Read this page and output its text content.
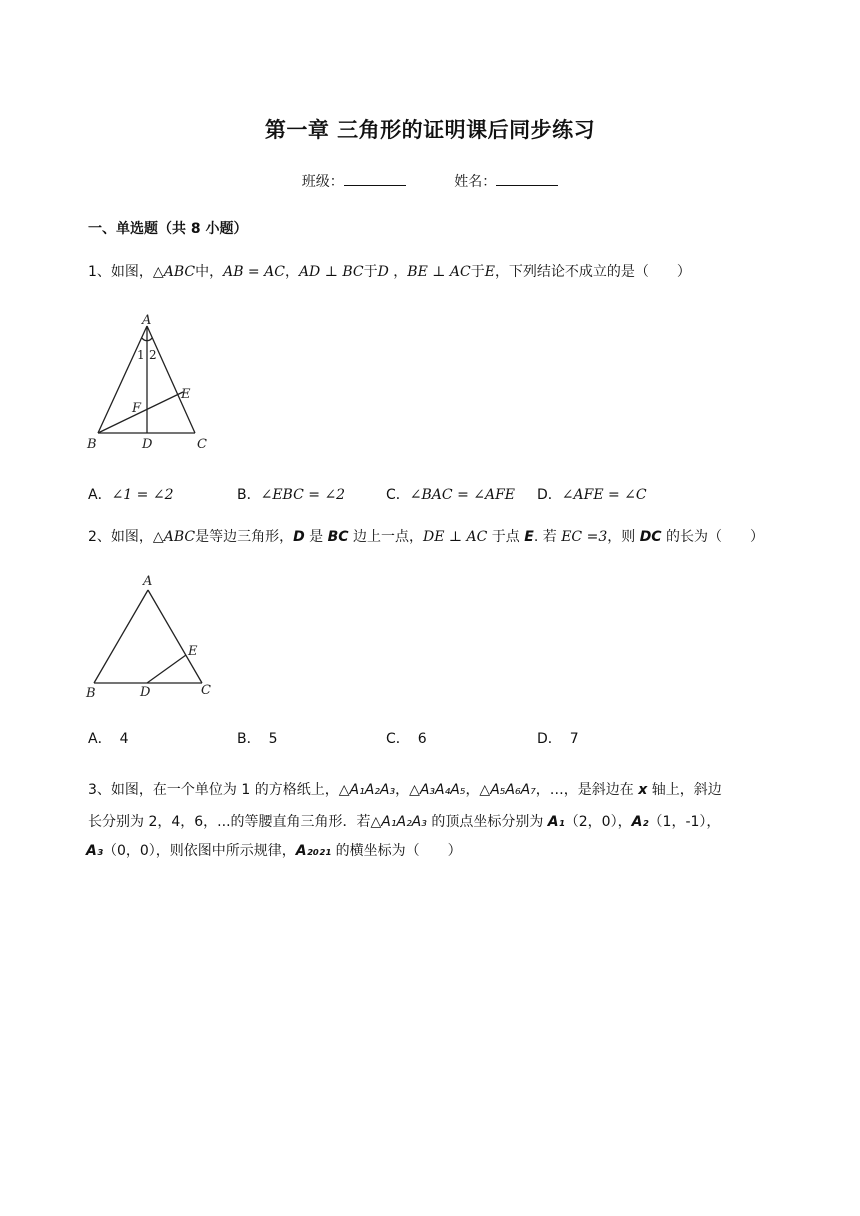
第一章 三角形的证明课后同步练习
班级：	姓名：
一、单选题（共 8 小题）
1、如图，△ABC中，AB = AC，AD ⊥ BC于D ，BE ⊥ AC于E，下列结论不成立的是（　　）
A
B	C
D
E
F
1 2
A．∠1 = ∠2	B．∠EBC = ∠2	C．∠BAC = ∠AFE D．∠AFE = ∠C
2、如图，△ABC是等边三角形，D 是 BC 边上一点，DE ⊥ AC 于点 E. 若 EC =3，则 DC 的长为（　　）
A
B	C
D
E
A． 4	B． 5	C． 6	D． 7
3、如图，在一个单位为 1 的方格纸上，△A₁A₂A₃，△A₃A₄A₅，△A₅A₆A₇，…，是斜边在 x 轴上，斜边
长分别为 2，4，6，...的等腰直角三角形．若△A₁A₂A₃ 的顶点坐标分别为 A₁（2，0），A₂（1，-1），
A₃（0，0），则依图中所示规律，A₂₀₂₁ 的横坐标为（　　）
